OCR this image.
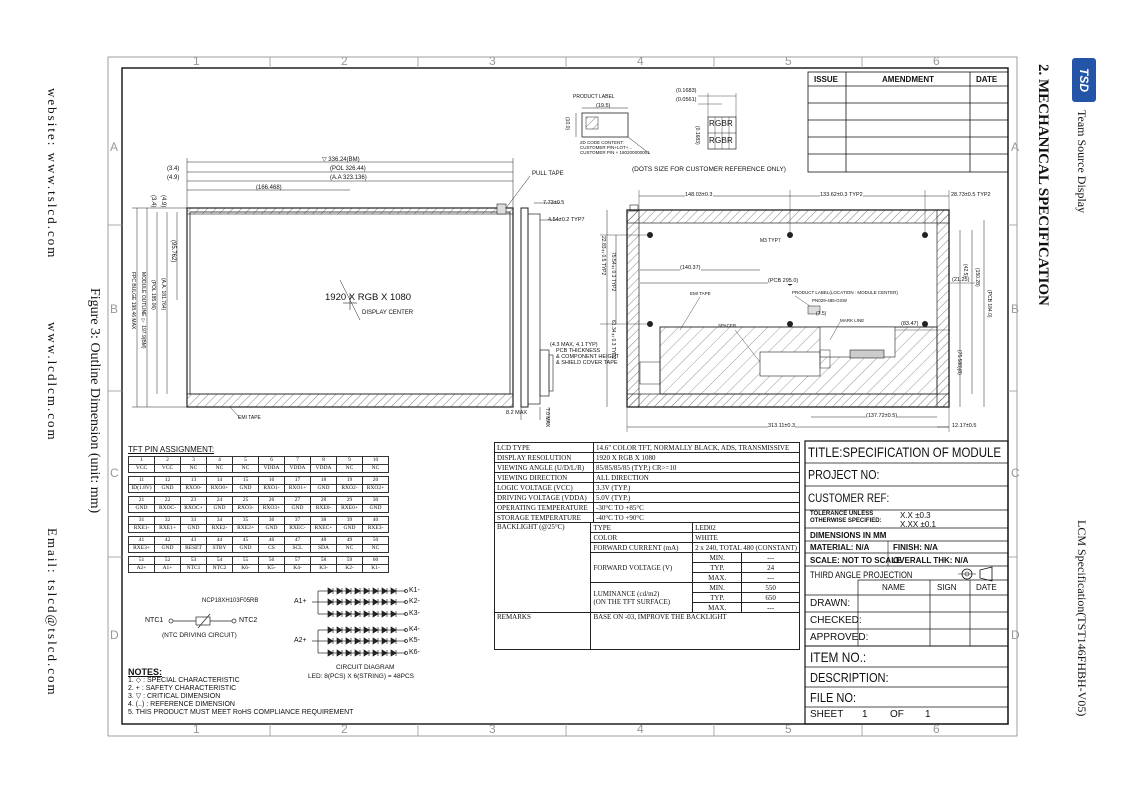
website: www.tslcd.com
www.lcdlcm.com
Email: tslcd@tslcd.com
Figure 3: Outline Dimension (unit: mm)
2. MECHANICAL SPECIFICATION TSD
Team Source Display
LCM Specification(TST146FHBH-V05)
1	2	3	4	5	6
1	2	3	4	5	6
A
B
C
D
A
B
C
D
ISSUE	AMENDMENT	DATE
▽ 336.24(BM)
(POL 326.44)
(A.A 323.136)
(3.4)
(4.9)
(166.468)
(3.4) (4.9)
(95.762)
FPC BULGE 198.46 MAX MODULE OUTLINE ▽ 197.9(BM) (POL 185.06) (A.A. 181.764)	1920 X RGB X 1080
DISPLAY CENTER
EMI TAPE
PULL TAPE
7.73±0.5
4.54±0.2 TYP7
(4.3 MAX, 4.1 TYP)
PCB THICKNESS
& COMPONENT HEIGHT
& SHIELD COVER TAPE
8.2 MAX	7.0 MAX
PRODUCT LABEL
(19.5)
(10.0)
2D CODE CONTENT:
CUSTOMER P/N+LOT+...
CUSTOMER P/N + 180200000001
(0.1683)
(0.0561)
(0.1683)
R G B R
R G B R
(DOTS SIZE FOR CUSTOMER REFERENCE ONLY)
148.03±0.3	133.62±0.3 TYP2	28.73±0.5 TYP2
M3 TYP7
(140.37)
(PCB 295.0)
PRODUCT LABEL(LOCATION : MODULE CENTER)
PN029-485-GSW
EMI TAPE
SPACER
MARK LINE
(7.5)
(83.47)
(21.25)
(42.5) (150.28)
(PCB 184.0)
(75.588)(8)
22.83±0.5 TYP2 75.54±0.3 TYP2
61.34±0.3 TYP2
(137.72±0.5)
12.17±0.5
313.11±0.3
LCD TYPE	14.6" COLOR TFT, NORMALLY BLACK, ADS, TRANSMISSIVE
DISPLAY RESOLUTION	1920 X RGB X 1080
VIEWING ANGLE (U/D/L/R)	85/85/85/85 (TYP.) CR>=10
VIEWING DIRECTION	ALL DIRECTION
LOGIC VOLTAGE (VCC)	3.3V (TYP.)
DRIVING VOLTAGE (VDDA)	5.0V (TYP.)
OPERATING TEMPERATURE	-30°C TO +85°C
STORAGE TEMPERATURE	-40°C TO +90°C
BACKLIGHT (@25°C)	TYPE	LED02	
	COLOR	WHITE	
	FORWARD CURRENT (mA)	2 x 240, TOTAL 480 (CONSTANT)	
	FORWARD VOLTAGE (V)	MIN.	---
		TYP.	24
		MAX.	---

	LUMINANCE (cd/m2)
(ON THE TFT SURFACE)	MIN.	550
		TYP.	650
		MAX.	---
REMARKS	BASE ON -03, IMPROVE THE BACKLIGHT		
TFT PIN ASSIGNMENT:
1	2	3	4	5	6	7	8	9	10
VCC	VCC	NC	NC	NC	VDDA	VDDA	VDDA	NC	NC

11	12	13	14	15	16	17	18	19	20
ID(1.8V)	GND	RXO0-	RXO0+	GND	RXO1-	RXO1+	GND	RXO2-	RXO2+

21	22	23	24	25	26	27	28	29	30
GND	RXOC-	RXOC+	GND	RXO3-	RXO3+	GND	RXE0-	RXE0+	GND

31	32	33	34	35	36	37	38	39	40
RXE1-	RXE1+	GND	RXE2-	RXE2+	GND	RXEC-	RXEC+	GND	RXE3-

41	42	43	44	45	46	47	48	49	50
RXE3+	GND	RESET	STBY	GND	CS	SCL	SDA	NC	NC

51	52	53	54	55	56	57	58	59	60
A2+	A1+	NTC1	NTC2	K6-	K5-	K4-	K3-	K2-	K1-
NCP18XH103F05RB
NTC1	NTC2
(NTC DRIVING CIRCUIT)
A1+
A2+
K1-
K2-
K3-
K4-
K5-
K6-
CIRCUIT DIAGRAM
LED: 8(PCS) X 6(STRING) = 48PCS
NOTES:
1. ◇ : SPECIAL CHARACTERISTIC
2. + : SAFETY CHARACTERISTIC
3. ▽ : CRITICAL DIMENSION
4. (..) : REFERENCE DIMENSION
5. THIS PRODUCT MUST MEET RoHS COMPLIANCE REQUIREMENT
TITLE:SPECIFICATION OF MODULE
PROJECT NO:
CUSTOMER REF:
TOLERANCE UNLESS
OTHERWISE SPECIFIED:
X.X ±0.3
X.XX ±0.1
DIMENSIONS IN MM
MATERIAL: N/A	FINISH: N/A
SCALE: NOT TO SCALE
OVERALL THK: N/A
THIRD ANGLE PROJECTION
NAME	SIGN DATE
DRAWN:
CHECKED:
APPROVED:
ITEM NO.:
DESCRIPTION:
FILE NO:
SHEET 1 OF 1
